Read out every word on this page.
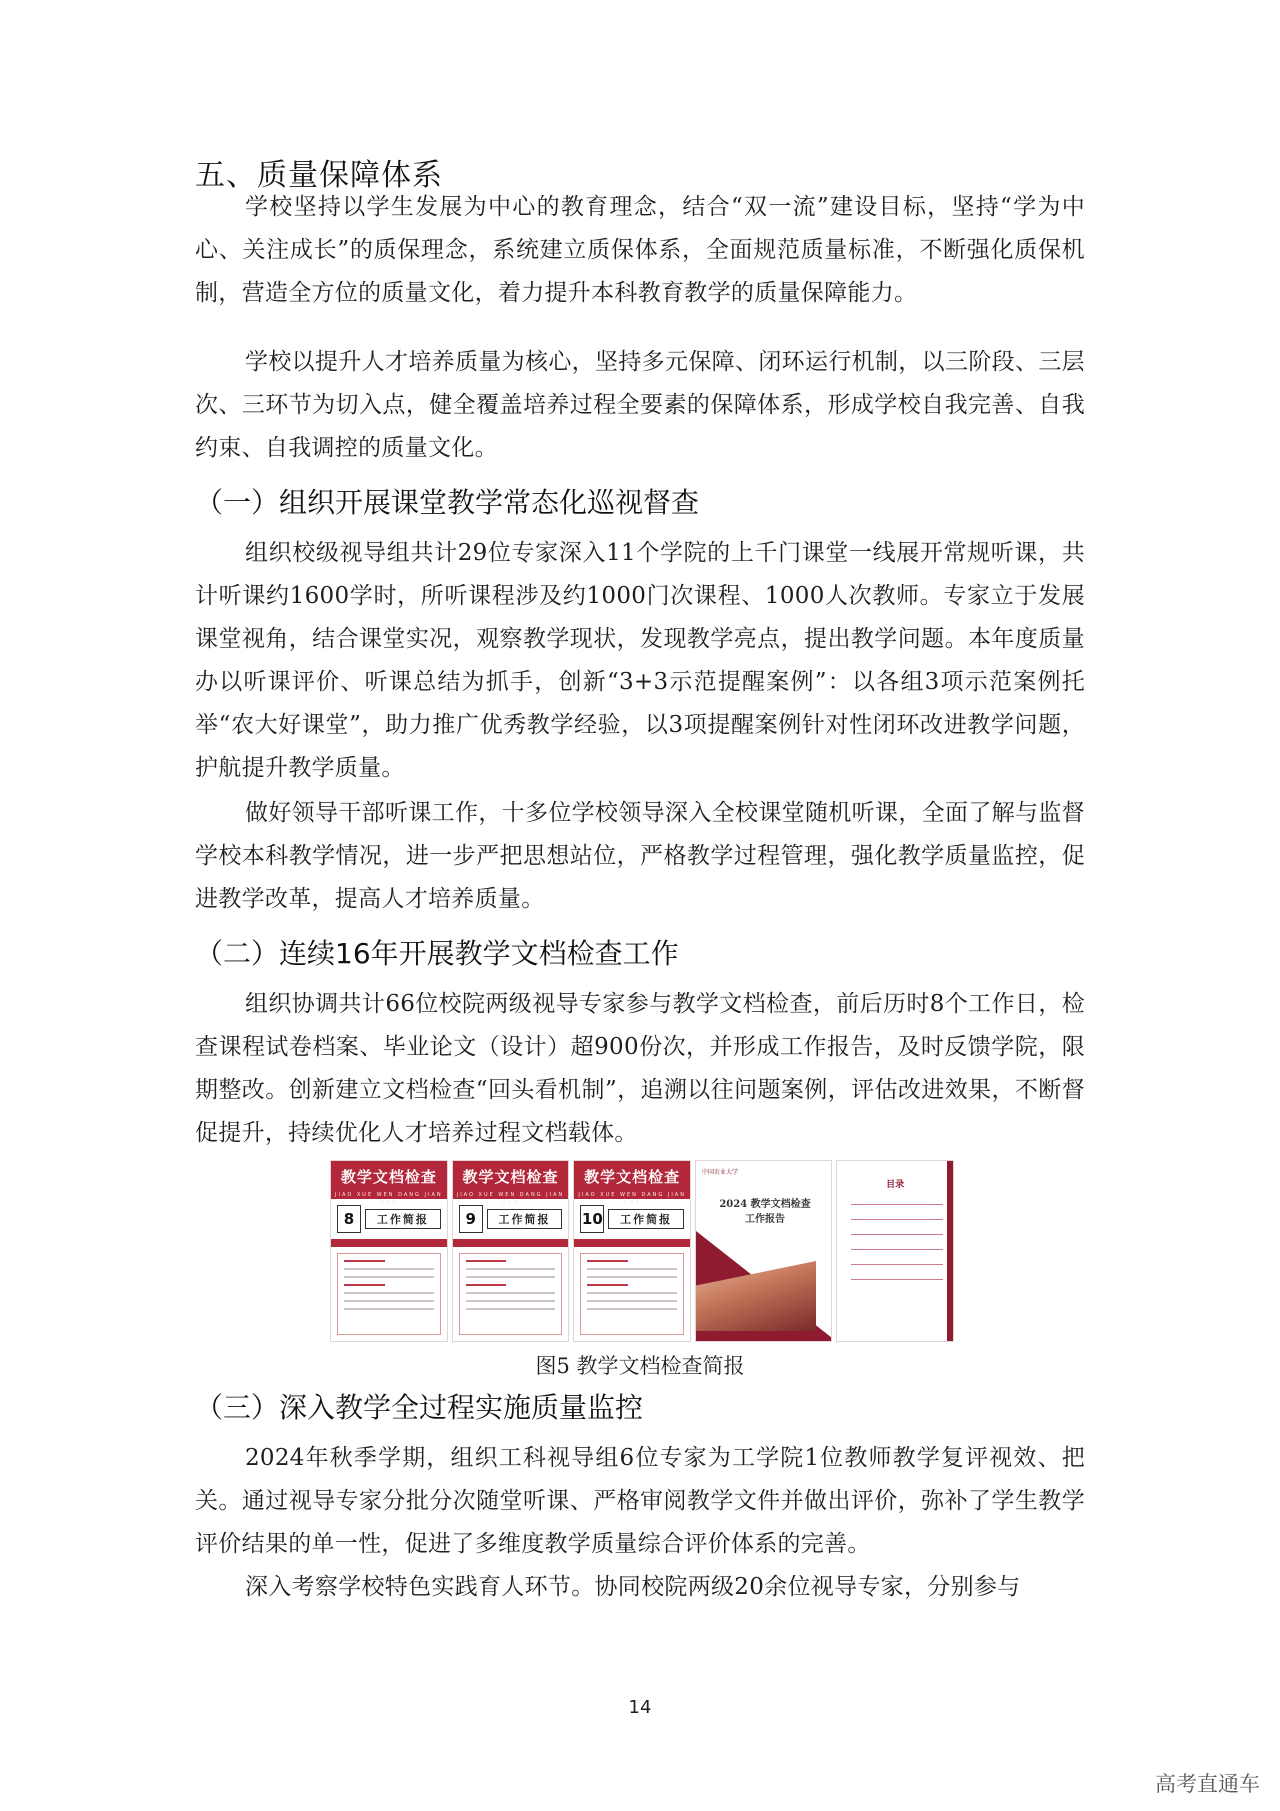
五、质量保障体系

学校坚持以学生发展为中心的教育理念，结合“双一流”建设目标，坚持“学为中心、关注成长”的质保理念，系统建立质保体系，全面规范质量标准，不断强化质保机制，营造全方位的质量文化，着力提升本科教育教学的质量保障能力。

学校以提升人才培养质量为核心，坚持多元保障、闭环运行机制，以三阶段、三层次、三环节为切入点，健全覆盖培养过程全要素的保障体系，形成学校自我完善、自我约束、自我调控的质量文化。

（一）组织开展课堂教学常态化巡视督查

组织校级视导组共计29位专家深入11个学院的上千门课堂一线展开常规听课，共计听课约1600学时，所听课程涉及约1000门次课程、1000人次教师。专家立于发展课堂视角，结合课堂实况，观察教学现状，发现教学亮点，提出教学问题。本年度质量办以听课评价、听课总结为抓手，创新“3+3示范提醒案例”：以各组3项示范案例托举“农大好课堂”，助力推广优秀教学经验，以3项提醒案例针对性闭环改进教学问题，护航提升教学质量。

做好领导干部听课工作，十多位学校领导深入全校课堂随机听课，全面了解与监督学校本科教学情况，进一步严把思想站位，严格教学过程管理，强化教学质量监控，促进教学改革，提高人才培养质量。

（二）连续16年开展教学文档检查工作

组织协调共计66位校院两级视导专家参与教学文档检查，前后历时8个工作日，检查课程试卷档案、毕业论文（设计）超900份次，并形成工作报告，及时反馈学院，限期整改。创新建立文档检查“回头看机制”，追溯以往问题案例，评估改进效果，不断督促提升，持续优化人才培养过程文档载体。

教学文档检查
JIAO XUE WEN DANG JIAN CHA
8	工作简报
教学文档检查
JIAO XUE WEN DANG JIAN CHA
9	工作简报
教学文档检查
JIAO XUE WEN DANG JIAN CHA
10	工作简报
中国农业大学
2024 教学文档检查
工作报告
目录
图5 教学文档检查简报
（三）深入教学全过程实施质量监控

2024年秋季学期，组织工科视导组6位专家为工学院1位教师教学复评视效、把关。通过视导专家分批分次随堂听课、严格审阅教学文件并做出评价，弥补了学生教学评价结果的单一性，促进了多维度教学质量综合评价体系的完善。

深入考察学校特色实践育人环节。协同校院两级20余位视导专家，分别参与

14
高考直通车
